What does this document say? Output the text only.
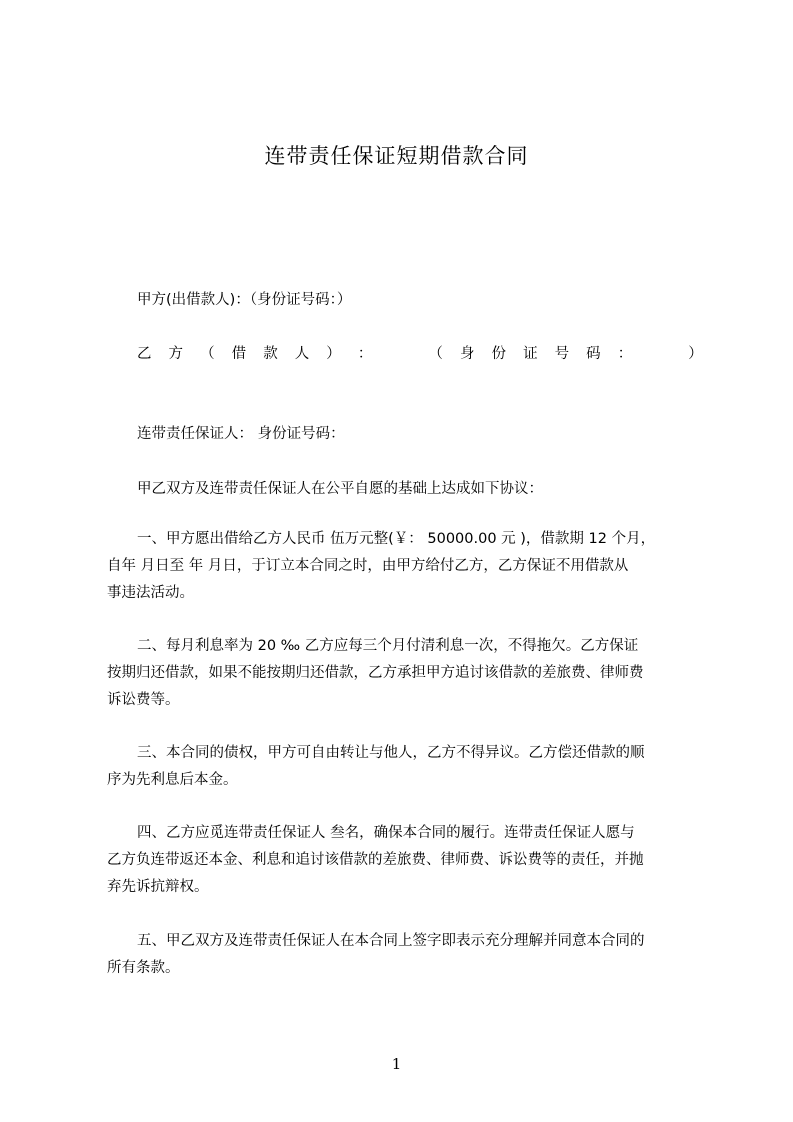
连带责任保证短期借款合同
甲方(出借款人)：（身份证号码：）
乙 方 （ 借 款 人 ） ：	（ 身 份 证 号 码 ：	）
连带责任保证人： 身份证号码：
甲乙双方及连带责任保证人在公平自愿的基础上达成如下协议：
一、甲方愿出借给乙方人民币 伍万元整(￥： 50000.00 元 )，借款期 12 个月，
自年 月日至 年 月日，于订立本合同之时，由甲方给付乙方，乙方保证不用借款从
事违法活动。
二、每月利息率为 20 ‰ 乙方应每三个月付清利息一次，不得拖欠。乙方保证
按期归还借款，如果不能按期归还借款，乙方承担甲方追讨该借款的差旅费、律师费
诉讼费等。
三、本合同的债权，甲方可自由转让与他人，乙方不得异议。乙方偿还借款的顺
序为先利息后本金。
四、乙方应觅连带责任保证人 叁名，确保本合同的履行。连带责任保证人愿与
乙方负连带返还本金、利息和追讨该借款的差旅费、律师费、诉讼费等的责任，并抛
弃先诉抗辩权。
五、甲乙双方及连带责任保证人在本合同上签字即表示充分理解并同意本合同的
所有条款。
1
